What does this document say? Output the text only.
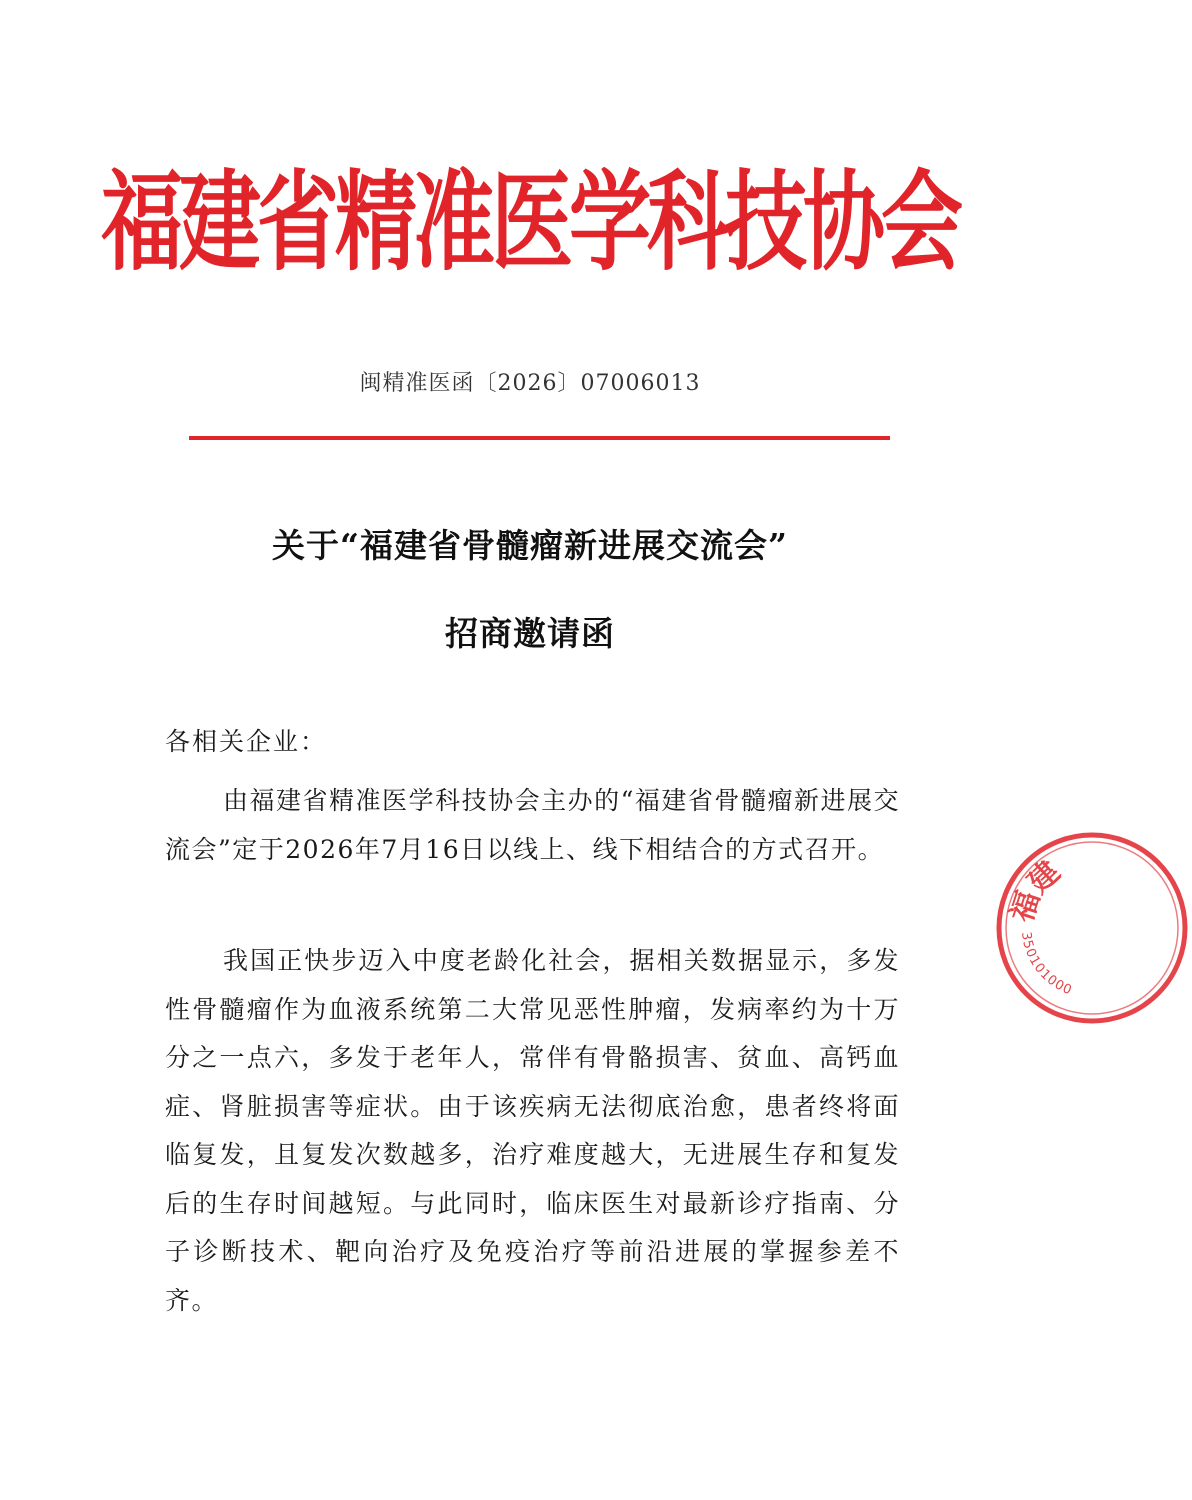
福建省精准医学科技协会
闽精准医函〔2026〕07006013
关于“福建省骨髓瘤新进展交流会”
招商邀请函
各相关企业：

由福建省精准医学科技协会主办的“福建省骨髓瘤新进展交流会”定于2026年7月16日以线上、线下相结合的方式召开。

我国正快步迈入中度老龄化社会，据相关数据显示，多发性骨髓瘤作为血液系统第二大常见恶性肿瘤，发病率约为十万分之一点六，多发于老年人，常伴有骨骼损害、贫血、高钙血症、肾脏损害等症状。由于该疾病无法彻底治愈，患者终将面临复发，且复发次数越多，治疗难度越大，无进展生存和复发后的生存时间越短。与此同时，临床医生对最新诊疗指南、分子诊断技术、靶向治疗及免疫治疗等前沿进展的掌握参差不齐。

福建
350101000
